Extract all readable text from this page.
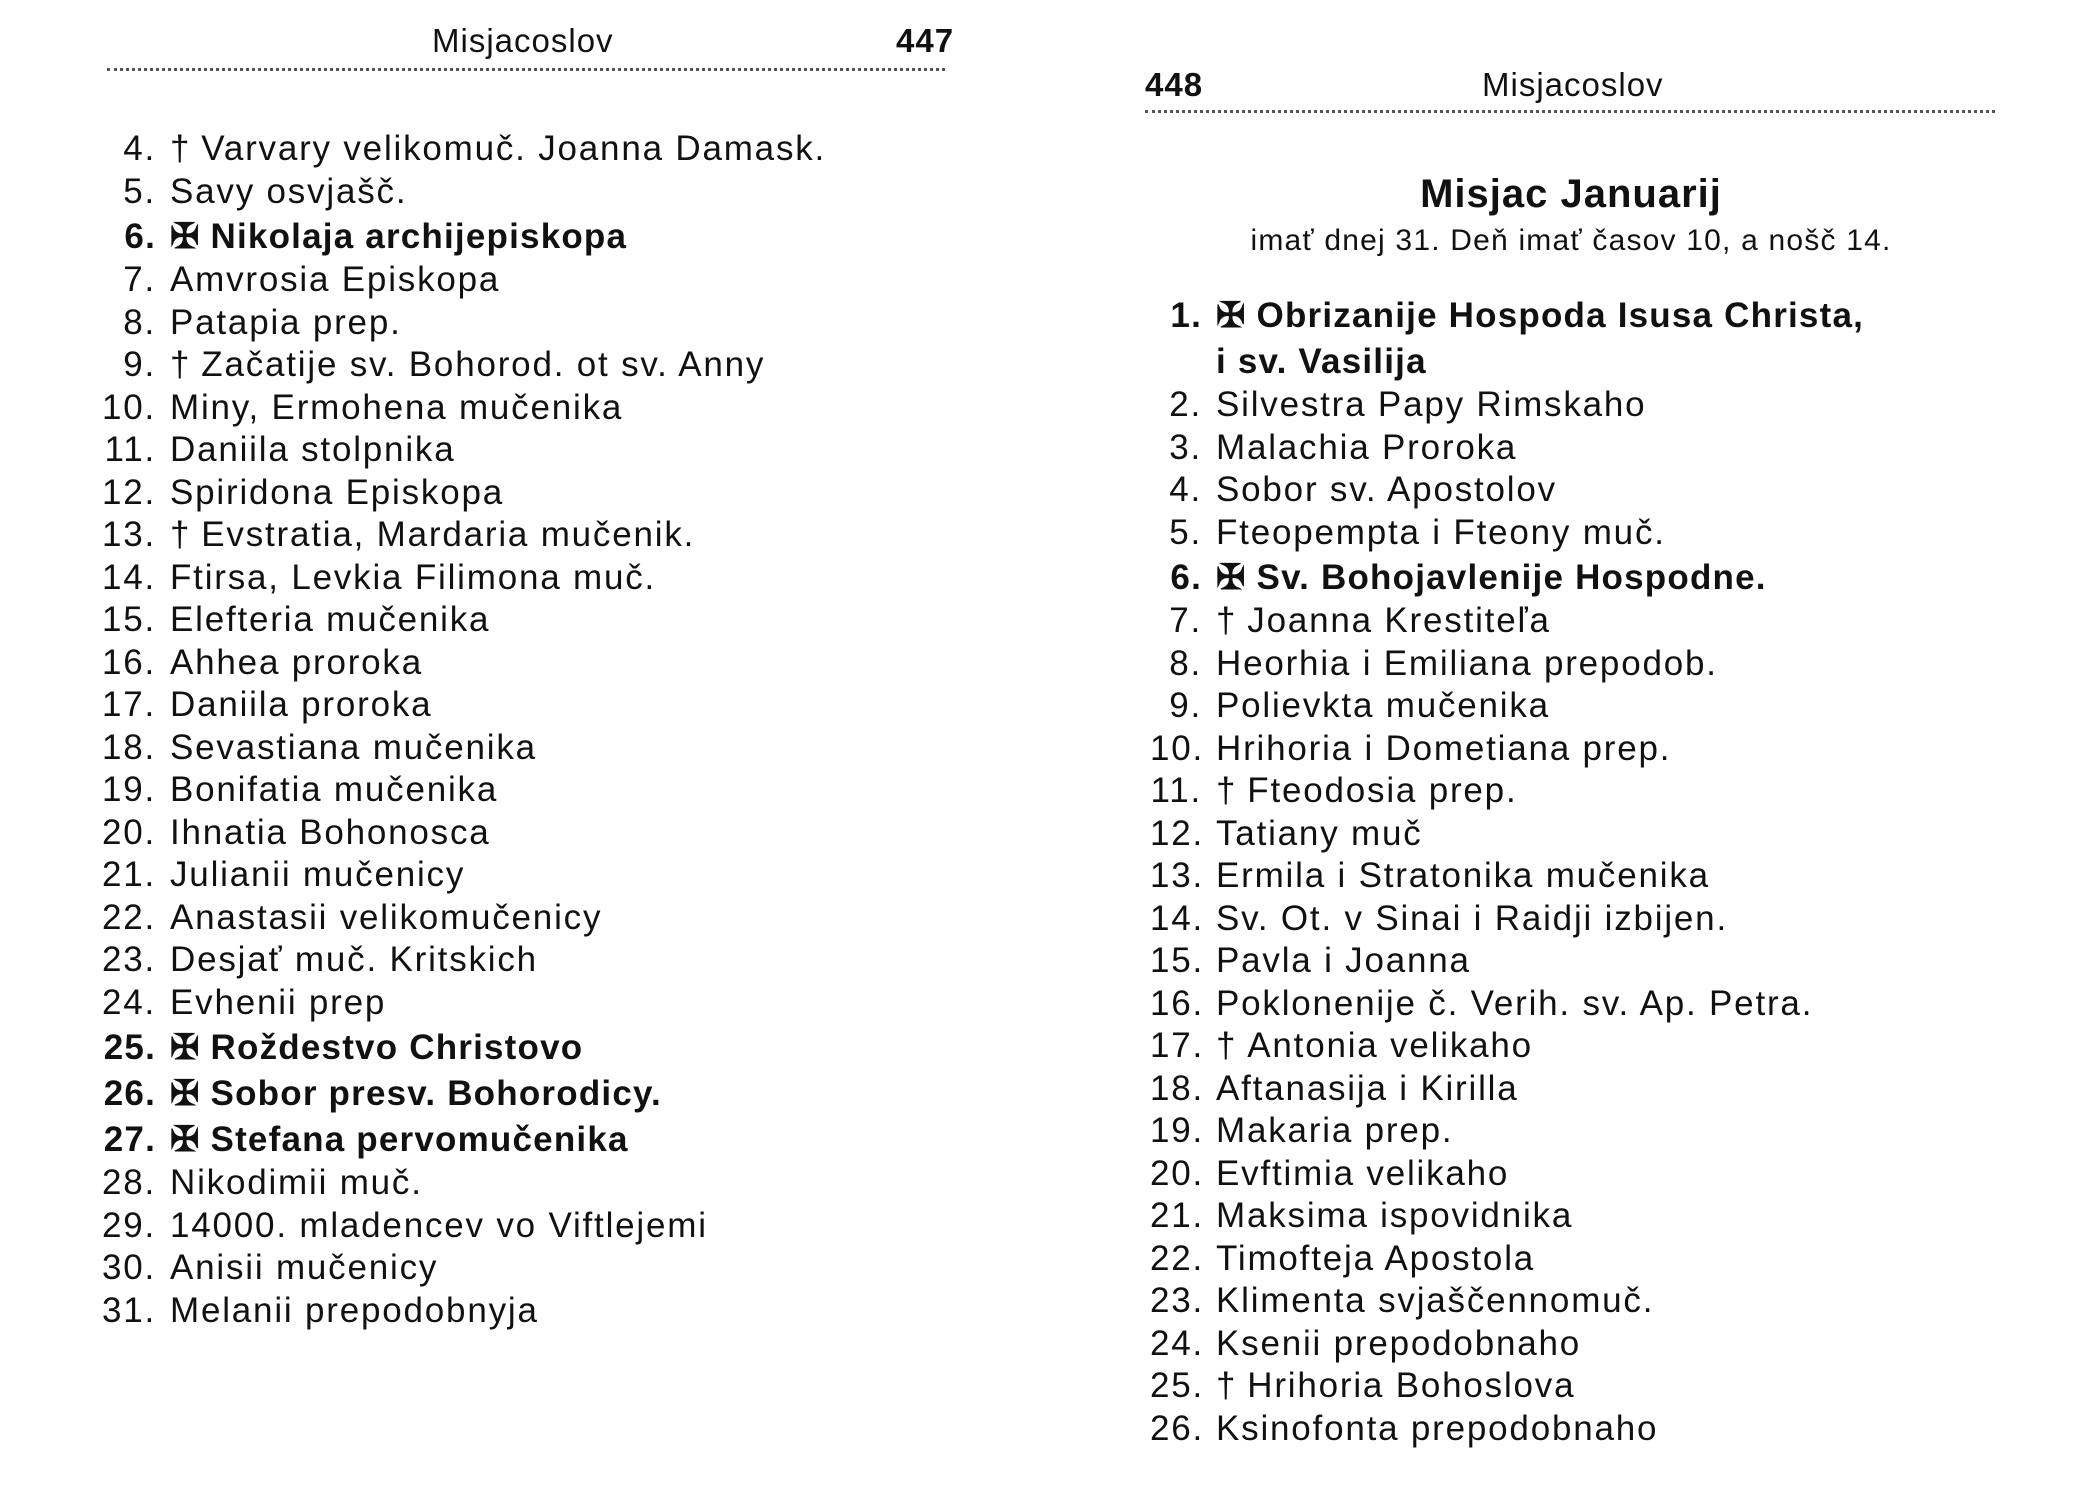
Misjacoslov	447
4. † Varvary velikomuč. Joanna Damask.
5. Savy osvjašč.
6. ✠ Nikolaja archijepiskopa
7. Amvrosia Episkopa
8. Patapia prep.
9. † Začatije sv. Bohorod. ot sv. Anny
10. Miny, Ermohena mučenika
11. Daniila stolpnika
12. Spiridona Episkopa
13. † Evstratia, Mardaria mučenik.
14. Ftirsa, Levkia Filimona muč.
15. Elefteria mučenika
16. Ahhea proroka
17. Daniila proroka
18. Sevastiana mučenika
19. Bonifatia mučenika
20. Ihnatia Bohonosca
21. Julianii mučenicy
22. Anastasii velikomučenicy
23. Desjať muč. Kritskich
24. Evhenii prep
25. ✠ Roždestvo Christovo
26. ✠ Sobor presv. Bohorodicy.
27. ✠ Stefana pervomučenika
28. Nikodimii muč.
29. 14000. mladencev vo Viftlejemi
30. Anisii mučenicy
31. Melanii prepodobnyja
448	Misjacoslov
Misjac Januarij
imať dnej 31. Deň imať časov 10, a nošč 14.
1. ✠ Obrizanije Hospoda Isusa Christa,
i sv. Vasilija
2. Silvestra Papy Rimskaho
3. Malachia Proroka
4. Sobor sv. Apostolov
5. Fteopempta i Fteony muč.
6. ✠ Sv. Bohojavlenije Hospodne.
7. † Joanna Krestiteľa
8. Heorhia i Emiliana prepodob.
9. Polievkta mučenika
10. Hrihoria i Dometiana prep.
11. † Fteodosia prep.
12. Tatiany muč
13. Ermila i Stratonika mučenika
14. Sv. Ot. v Sinai i Raidji izbijen.
15. Pavla i Joanna
16. Poklonenije č. Verih. sv. Ap. Petra.
17. † Antonia velikaho
18. Aftanasija i Kirilla
19. Makaria prep.
20. Evftimia velikaho
21. Maksima ispovidnika
22. Timofteja Apostola
23. Klimenta svjaščennomuč.
24. Ksenii prepodobnaho
25. † Hrihoria Bohoslova
26. Ksinofonta prepodobnaho
